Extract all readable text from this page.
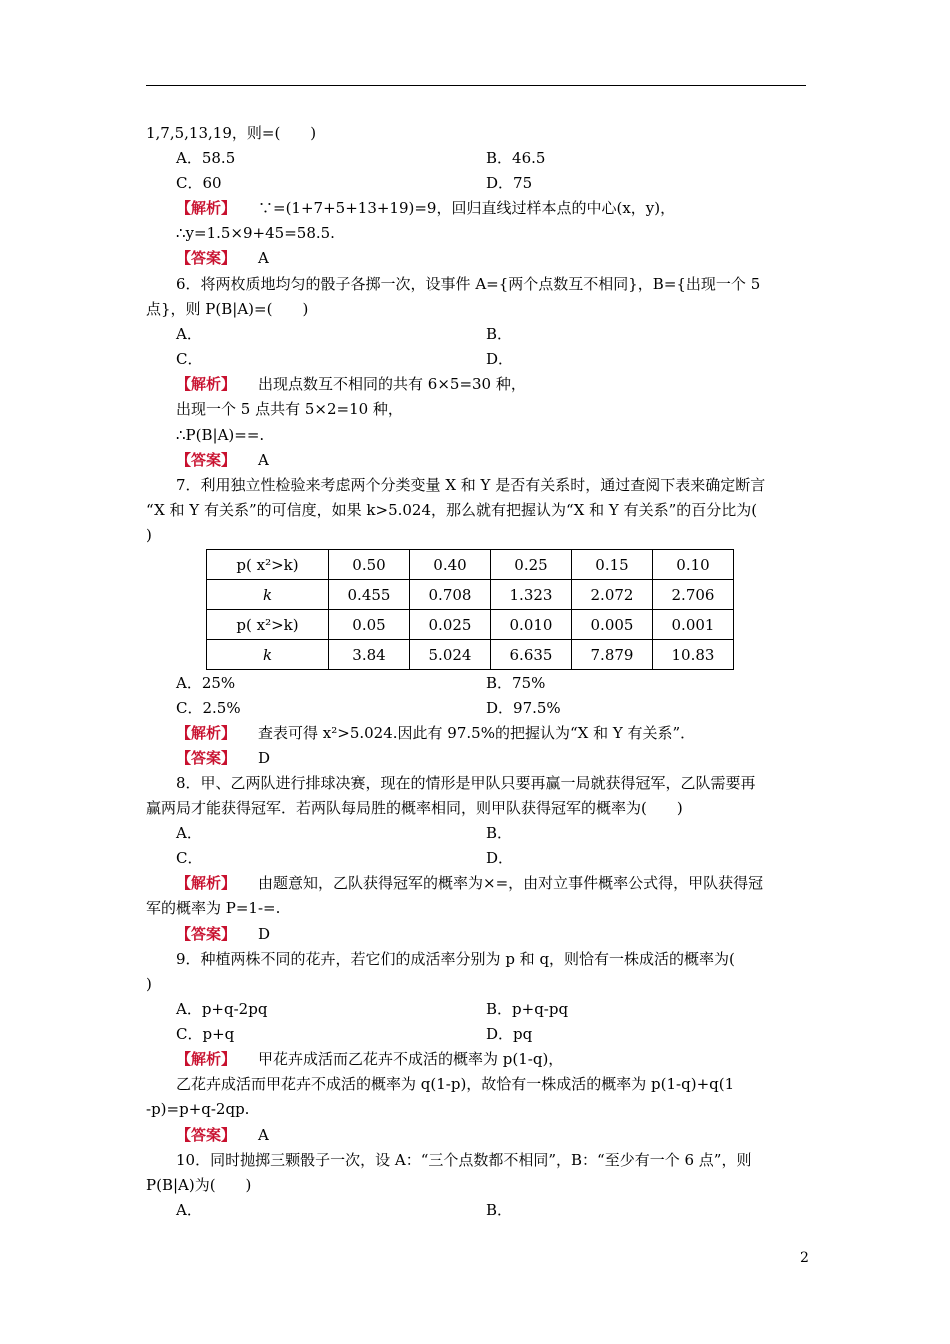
1,7,5,13,19，则=(　　)
A．58.5	B．46.5
C．60	D．75
【解析】 ∵=(1+7+5+13+19)=9，回归直线过样本点的中心(x，y)，
∴y=1.5×9+45=58.5.
【答案】 A
6．将两枚质地均匀的骰子各掷一次，设事件 A={两个点数互不相同}，B={出现一个 5
点}，则 P(B|A)=(　　)
A．	B．
C．	D．
【解析】 出现点数互不相同的共有 6×5=30 种，
出现一个 5 点共有 5×2=10 种，
∴P(B|A)==.
【答案】 A
7．利用独立性检验来考虑两个分类变量 X 和 Y 是否有关系时，通过查阅下表来确定断言
“X 和 Y 有关系”的可信度，如果 k>5.024，那么就有把握认为“X 和 Y 有关系”的百分比为(
)
p( x²>k)	0.50	0.40	0.25	0.15	0.10
k	0.455	0.708	1.323	2.072	2.706
p( x²>k)	0.05	0.025	0.010	0.005	0.001
k	3.84	5.024	6.635	7.879	10.83
A．25%	B．75%
C．2.5%	D．97.5%
【解析】 查表可得 x²>5.024.因此有 97.5%的把握认为“X 和 Y 有关系”．
【答案】 D
8．甲、乙两队进行排球决赛，现在的情形是甲队只要再赢一局就获得冠军，乙队需要再
赢两局才能获得冠军．若两队每局胜的概率相同，则甲队获得冠军的概率为(　　)
A．	B．
C．	D．
【解析】 由题意知，乙队获得冠军的概率为×=，由对立事件概率公式得，甲队获得冠
军的概率为 P=1-=.
【答案】 D
9．种植两株不同的花卉，若它们的成活率分别为 p 和 q，则恰有一株成活的概率为(
)
A．p+q-2pq	B．p+q-pq
C．p+q	D．pq
【解析】 甲花卉成活而乙花卉不成活的概率为 p(1-q)，
乙花卉成活而甲花卉不成活的概率为 q(1-p)，故恰有一株成活的概率为 p(1-q)+q(1
-p)=p+q-2qp.
【答案】 A
10．同时抛掷三颗骰子一次，设 A：“三个点数都不相同”，B：“至少有一个 6 点”，则
P(B|A)为(　　)
A．	B．
2
